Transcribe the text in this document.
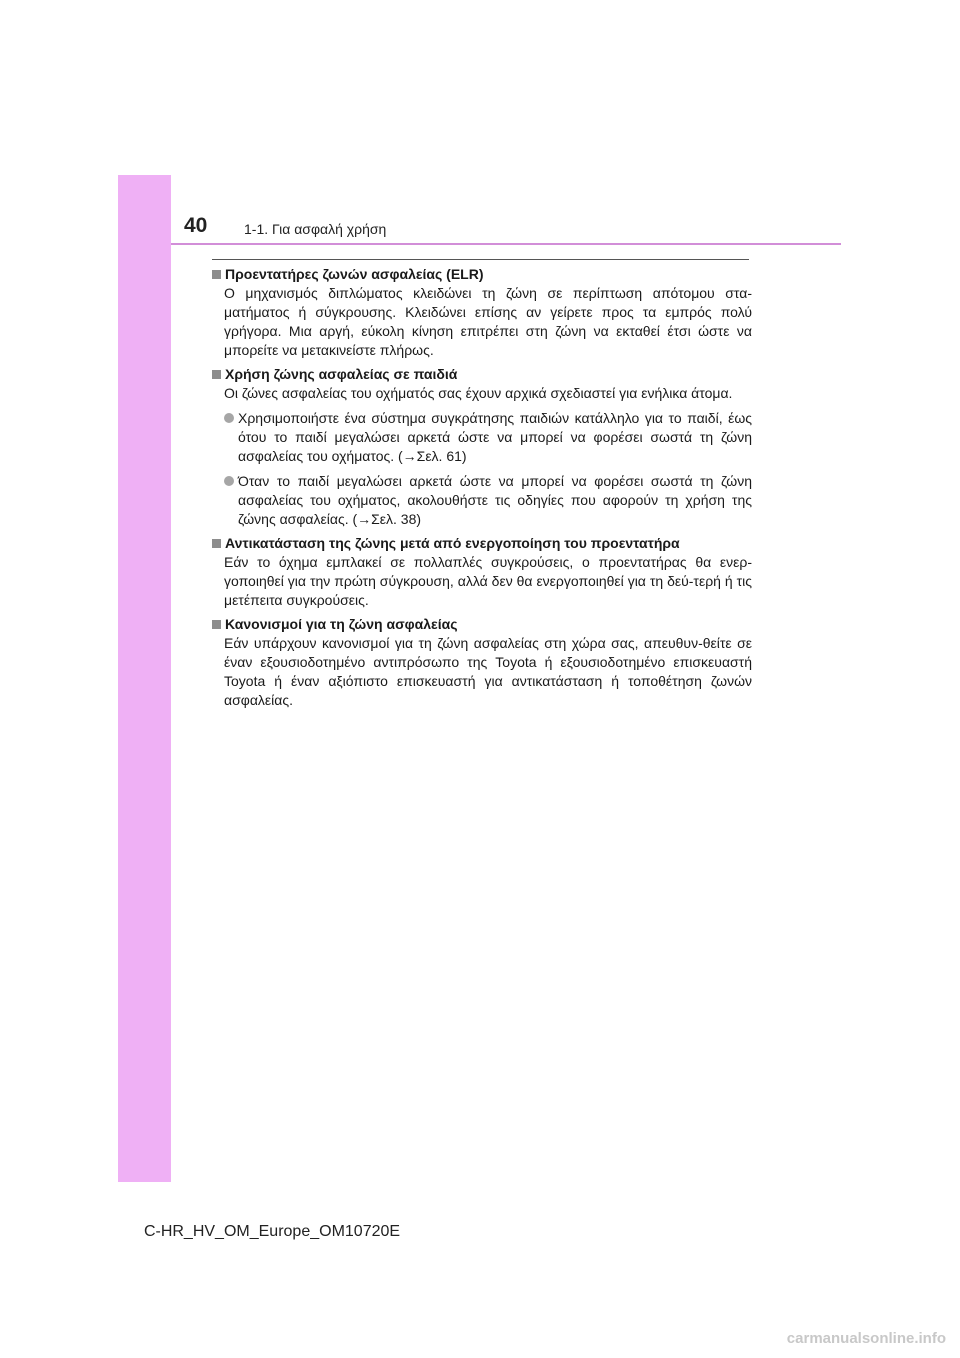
40	1-1. Για ασφαλή χρήση
Προεντατήρες ζωνών ασφαλείας (ELR)
Ο μηχανισμός διπλώματος κλειδώνει τη ζώνη σε περίπτωση απότομου στα-ματήματος ή σύγκρουσης. Κλειδώνει επίσης αν γείρετε προς τα εμπρός πολύ γρήγορα. Μια αργή, εύκολη κίνηση επιτρέπει στη ζώνη να εκταθεί έτσι ώστε να μπορείτε να μετακινείστε πλήρως.
Χρήση ζώνης ασφαλείας σε παιδιά
Οι ζώνες ασφαλείας του οχήματός σας έχουν αρχικά σχεδιαστεί για ενήλικα άτομα.
Χρησιμοποιήστε ένα σύστημα συγκράτησης παιδιών κατάλληλο για το παιδί, έως ότου το παιδί μεγαλώσει αρκετά ώστε να μπορεί να φορέσει σωστά τη ζώνη ασφαλείας του οχήματος. (→Σελ. 61)
Όταν το παιδί μεγαλώσει αρκετά ώστε να μπορεί να φορέσει σωστά τη ζώνη ασφαλείας του οχήματος, ακολουθήστε τις οδηγίες που αφορούν τη χρήση της ζώνης ασφαλείας. (→Σελ. 38)
Αντικατάσταση της ζώνης μετά από ενεργοποίηση του προεντατήρα
Εάν το όχημα εμπλακεί σε πολλαπλές συγκρούσεις, ο προεντατήρας θα ενερ-γοποιηθεί για την πρώτη σύγκρουση, αλλά δεν θα ενεργοποιηθεί για τη δεύ-τερή ή τις μετέπειτα συγκρούσεις.
Κανονισμοί για τη ζώνη ασφαλείας
Εάν υπάρχουν κανονισμοί για τη ζώνη ασφαλείας στη χώρα σας, απευθυν-θείτε σε έναν εξουσιοδοτημένο αντιπρόσωπο της Toyota ή εξουσιοδοτημένο επισκευαστή Toyota ή έναν αξιόπιστο επισκευαστή για αντικατάσταση ή τοποθέτηση ζωνών ασφαλείας.
C-HR_HV_OM_Europe_OM10720E
carmanualsonline.info
